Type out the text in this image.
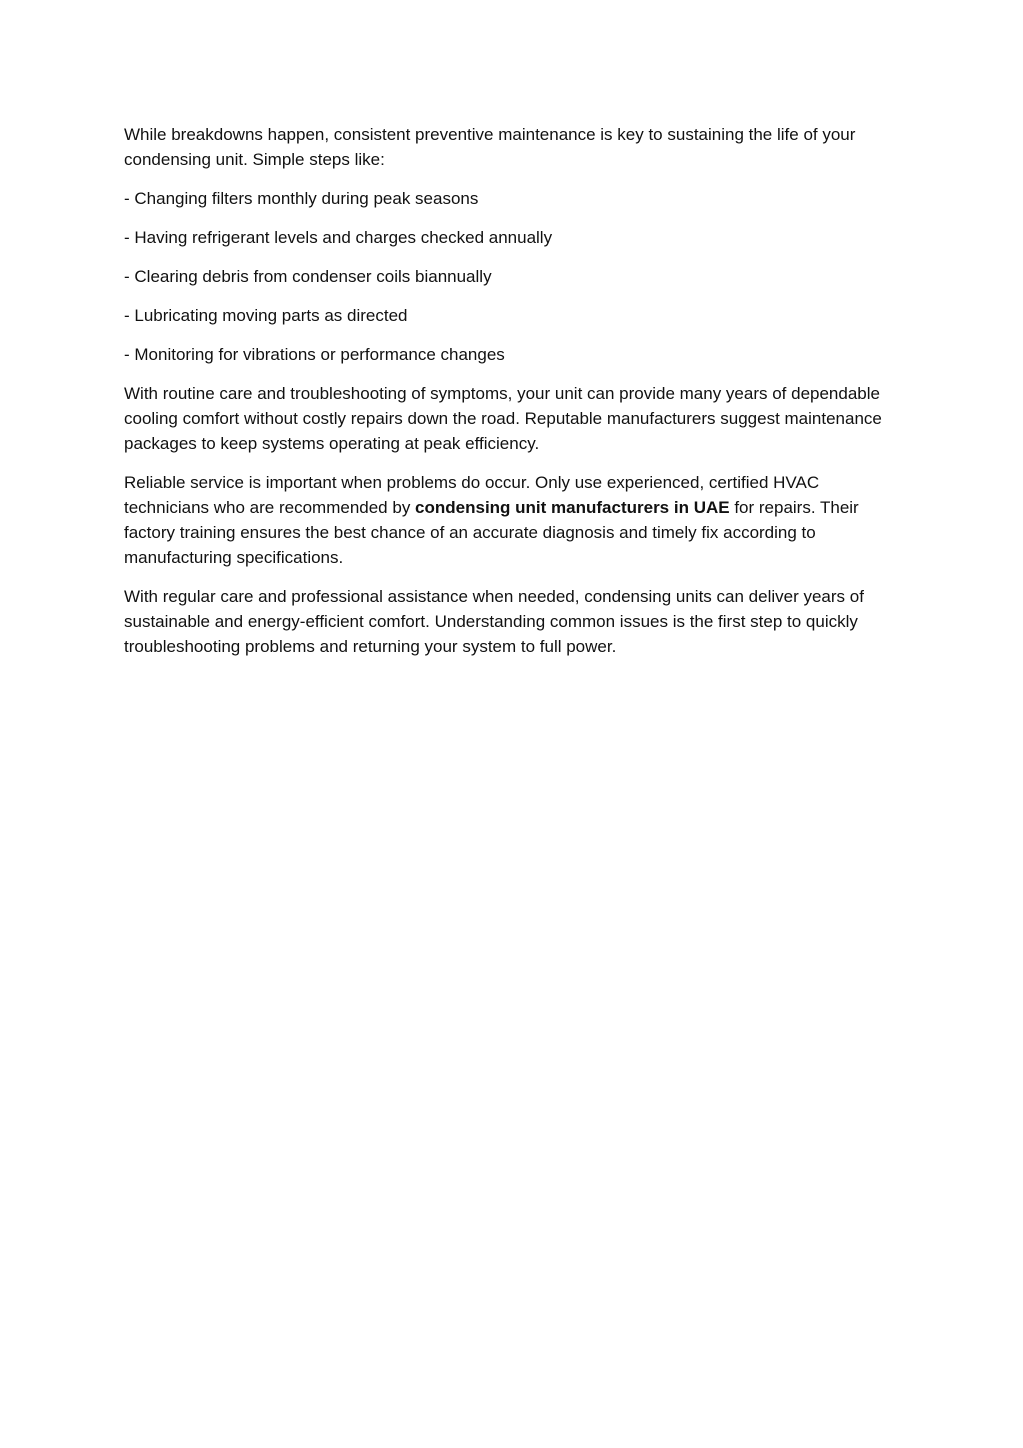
While breakdowns happen, consistent preventive maintenance is key to sustaining the life of your condensing unit. Simple steps like:

- Changing filters monthly during peak seasons

- Having refrigerant levels and charges checked annually

- Clearing debris from condenser coils biannually

- Lubricating moving parts as directed

- Monitoring for vibrations or performance changes

With routine care and troubleshooting of symptoms, your unit can provide many years of dependable cooling comfort without costly repairs down the road. Reputable manufacturers suggest maintenance packages to keep systems operating at peak efficiency.

Reliable service is important when problems do occur. Only use experienced, certified HVAC technicians who are recommended by condensing unit manufacturers in UAE for repairs. Their factory training ensures the best chance of an accurate diagnosis and timely fix according to manufacturing specifications.

With regular care and professional assistance when needed, condensing units can deliver years of sustainable and energy-efficient comfort. Understanding common issues is the first step to quickly troubleshooting problems and returning your system to full power.
